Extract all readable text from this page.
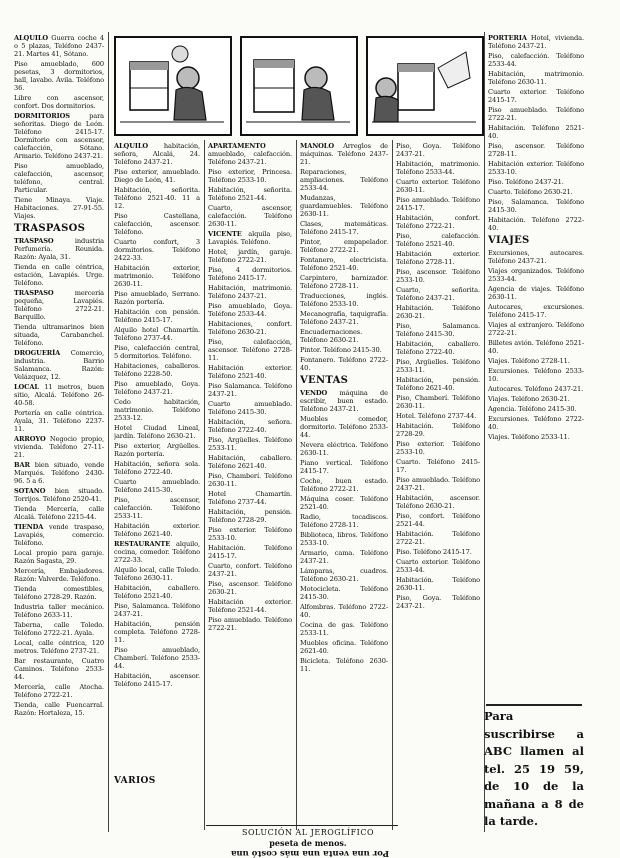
ALQUILO Guerra coche 4 o 5 plazas, Teléfono 2437-21. Martes 41, Sótano.

Piso amueblado, 600 pesetas, 3 dormitorios, hall, lavabo. Ávila. Teléfono 36.

Libre con ascensor, confort. Dos dormitorios.

DORMITORIOS	para señoritas. Diego de León. Teléfono 2415-17. Dormitorio con ascensor, calefacción, Sótano. Armario. Teléfono 2437-21.

Piso amueblado, calefacción, ascensor, teléfono, central. Particular.

Tiene Minaya. Viaje. Habitaciones. 27-91-55. Viajes.

TRASPASOS

TRASPASO	industria Perfumería. Reunida. Razón: Ayala, 31.

Tienda en calle céntrica, estación, Lavapiés. Urge. Teléfono.

TRASPASO	mercería pequeña, Lavapiés. Teléfono 2722-21. Barquillo.

Tienda ultramarinos bien situada, Carabanchel. Teléfono.

DROGUERÍA Comercio, industria. Barrio Salamanca. Razón: Velázquez, 12.

LOCAL 11 metros, buen sitio, Alcalá. Teléfono 26-40-58.

Portería en calle céntrica. Ayala, 31. Teléfono 2237-11.

ARROYO Negocio propio, vivienda. Teléfono 27-11-21.

BAR bien situado, vende Marqués. Teléfono 2430-96. 5 a 6.

SOTANO bien situado. Torrijos. Teléfono 2520-41.

Tienda Mercería, calle Alcalá. Teléfono 2215-44.

TIENDA vende traspaso, Lavapiés, comercio. Teléfono.

Local propio para garaje. Razón Sagasta, 29.

Mercería, Embajadores. Razón: Valverde. Teléfono.

Tienda comestibles, Teléfono 2728-29. Razón.

Industria taller mecánico. Teléfono 2633-11.

Taberna, calle Toledo. Teléfono 2722-21. Ayala.

Local, calle céntrica, 120 metros. Teléfono 2737-21.

Bar restaurante, Cuatro Caminos. Teléfono 2533-44.

Mercería, calle Atocha. Teléfono 2722-21.

Tienda, calle Fuencarral. Razón: Hortaleza, 15.

ALQUILO habitación, señora, Alcalá, 24. Teléfono 2437-21.

Piso exterior, amueblado. Diego de León, 41.

Habitación, señorita. Teléfono 2521-40. 11 a 12.

Piso Castellana, calefacción, ascensor. Teléfono.

Cuarto confort, 3 dormitorios. Teléfono 2422-33.

Habitación exterior, matrimonio. Teléfono 2630-11.

Piso amueblado, Serrano. Razón portería.

Habitación con pensión. Teléfono 2415-17.

Alquilo hotel Chamartín. Teléfono 2737-44.

Piso, calefacción central, 5 dormitorios. Teléfono.

Habitaciones, caballeros. Teléfono 2228-50.

Piso amueblado, Goya. Teléfono 2437-21.

Cedo habitación, matrimonio. Teléfono 2533-12.

Hotel Ciudad Lineal, jardín. Teléfono 2630-21.

Piso exterior, Argüelles. Razón portería.

Habitación, señora sola. Teléfono 2722-40.

Cuarto amueblado. Teléfono 2415-30.

Piso, ascensor, calefacción. Teléfono 2533-11.

Habitación exterior. Teléfono 2621-40.

RESTAURANTE alquilo, cocina, comedor. Teléfono 2722-33.

Alquilo local, calle Toledo. Teléfono 2630-11.

Habitación, caballero. Teléfono 2521-40.

Piso, Salamanca. Teléfono 2437-21.

Habitación, pensión completa. Teléfono 2728-11.

Piso amueblado, Chamberí. Teléfono 2533-44.

Habitación, ascensor. Teléfono 2415-17.

VARIOS

APARTAMENTO amueblado, calefacción. Teléfono 2437-21.

Piso exterior, Princesa. Teléfono 2533-10.

Habitación, señorita. Teléfono 2521-44.

Cuarto, ascensor, calefacción. Teléfono 2630-11.

VICENTE alquila piso, Lavapiés. Teléfono.

Hotel, jardín, garaje. Teléfono 2722-21.

Piso, 4 dormitorios. Teléfono 2415-17.

Habitación, matrimonio. Teléfono 2437-21.

Piso amueblado, Goya. Teléfono 2533-44.

Habitaciones, confort. Teléfono 2630-21.

Piso, calefacción, ascensor. Teléfono 2728-11.

Habitación exterior. Teléfono 2521-40.

Piso Salamanca. Teléfono 2437-21.

Cuarto amueblado. Teléfono 2415-30.

Habitación, señora. Teléfono 2722-40.

Piso, Argüelles. Teléfono 2533-11.

Habitación, caballero. Teléfono 2621-40.

Piso, Chamberí. Teléfono 2630-11.

Hotel Chamartín. Teléfono 2737-44.

Habitación, pensión. Teléfono 2728-29.

Piso exterior. Teléfono 2533-10.

Habitación. Teléfono 2415-17.

Cuarto, confort. Teléfono 2437-21.

Piso, ascensor. Teléfono 2630-21.

Habitación exterior. Teléfono 2521-44.

Piso amueblado. Teléfono 2722-21.

MANOLO Arreglos de máquinas. Teléfono 2437-21.

Reparaciones, ampliaciones. Teléfono 2533-44.

Mudanzas, guardamuebles. Teléfono 2630-11.

Clases, matemáticas. Teléfono 2415-17.

Pintor, empapelador. Teléfono 2722-21.

Fontanero, electricista. Teléfono 2521-40.

Carpintero, barnizador. Teléfono 2728-11.

Traducciones, inglés. Teléfono 2533-10.

Mecanografía, taquigrafía. Teléfono 2437-21.

Encuadernaciones. Teléfono 2630-21.

Pintor. Teléfono 2415-30.

Fontanero. Teléfono 2722-40.

VENTAS

VENDO máquina de escribir, buen estado. Teléfono 2437-21.

Muebles comedor, dormitorio. Teléfono 2533-44.

Nevera eléctrica. Teléfono 2630-11.

Piano vertical. Teléfono 2415-17.

Coche, buen estado. Teléfono 2722-21.

Máquina coser. Teléfono 2521-40.

Radio, tocadiscos. Teléfono 2728-11.

Biblioteca, libros. Teléfono 2533-10.

Armario, cama. Teléfono 2437-21.

Lámparas, cuadros. Teléfono 2630-21.

Motocicleta. Teléfono 2415-30.

Alfombras. Teléfono 2722-40.

Cocina de gas. Teléfono 2533-11.

Muebles oficina. Teléfono 2621-40.

Bicicleta. Teléfono 2630-11.

Piso, Goya. Teléfono 2437-21.

Habitación, matrimonio. Teléfono 2533-44.

Cuarto exterior. Teléfono 2630-11.

Piso amueblado. Teléfono 2415-17.

Habitación, confort. Teléfono 2722-21.

Piso, calefacción. Teléfono 2521-40.

Habitación exterior. Teléfono 2728-11.

Piso, ascensor. Teléfono 2533-10.

Cuarto, señorita. Teléfono 2437-21.

Habitación. Teléfono 2630-21.

Piso, Salamanca. Teléfono 2415-30.

Habitación, caballero. Teléfono 2722-40.

Piso, Argüelles. Teléfono 2533-11.

Habitación, pensión. Teléfono 2621-40.

Piso, Chamberí. Teléfono 2630-11.

Hotel. Teléfono 2737-44.

Habitación. Teléfono 2728-29.

Piso exterior. Teléfono 2533-10.

Cuarto. Teléfono 2415-17.

Piso amueblado. Teléfono 2437-21.

Habitación, ascensor. Teléfono 2630-21.

Piso, confort. Teléfono 2521-44.

Habitación. Teléfono 2722-21.

Piso. Teléfono 2415-17.

Cuarto exterior. Teléfono 2533-44.

Habitación. Teléfono 2630-11.

Piso, Goya. Teléfono 2437-21.

PORTERIA Hotel, vivienda. Teléfono 2437-21.

Piso, calefacción. Teléfono 2533-44.

Habitación, matrimonio. Teléfono 2630-11.

Cuarto exterior. Teléfono 2415-17.

Piso amueblado. Teléfono 2722-21.

Habitación. Teléfono 2521-40.

Piso, ascensor. Teléfono 2728-11.

Habitación exterior. Teléfono 2533-10.

Piso. Teléfono 2437-21.

Cuarto. Teléfono 2630-21.

Piso, Salamanca. Teléfono 2415-30.

Habitación. Teléfono 2722-40.

VIAJES

Excursiones, autocares. Teléfono 2437-21.

Viajes organizados. Teléfono 2533-44.

Agencia de viajes. Teléfono 2630-11.

Autocares, excursiones. Teléfono 2415-17.

Viajes al extranjero. Teléfono 2722-21.

Billetes avión. Teléfono 2521-40.

Viajes. Teléfono 2728-11.

Excursiones. Teléfono 2533-10.

Autocares. Teléfono 2437-21.

Viajes. Teléfono 2630-21.

Agencia. Teléfono 2415-30.

Excursiones. Teléfono 2722-40.

Viajes. Teléfono 2533-11.

Para suscribirse a ABC llamen al tel. 25 19 59, de 10 de la mañana a 8 de la tarde.
SOLUCIÓN AL JEROGLÍFICO
peseta de menos.
Por una venta una más costó una
